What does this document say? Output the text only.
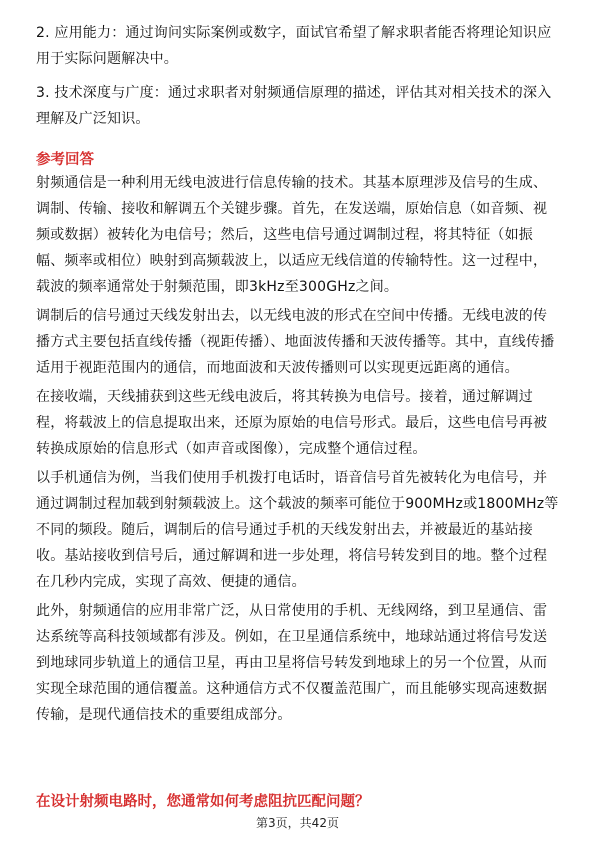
2. 应用能力：通过询问实际案例或数字，面试官希望了解求职者能否将理论知识应用于实际问题解决中。

3. 技术深度与广度：通过求职者对射频通信原理的描述，评估其对相关技术的深入理解及广泛知识。

参考回答

射频通信是一种利用无线电波进行信息传输的技术。其基本原理涉及信号的生成、调制、传输、接收和解调五个关键步骤。首先，在发送端，原始信息（如音频、视频或数据）被转化为电信号；然后，这些电信号通过调制过程，将其特征（如振幅、频率或相位）映射到高频载波上，以适应无线信道的传输特性。这一过程中，载波的频率通常处于射频范围，即3kHz至300GHz之间。

调制后的信号通过天线发射出去，以无线电波的形式在空间中传播。无线电波的传播方式主要包括直线传播（视距传播）、地面波传播和天波传播等。其中，直线传播适用于视距范围内的通信，而地面波和天波传播则可以实现更远距离的通信。

在接收端，天线捕获到这些无线电波后，将其转换为电信号。接着，通过解调过程，将载波上的信息提取出来，还原为原始的电信号形式。最后，这些电信号再被转换成原始的信息形式（如声音或图像），完成整个通信过程。

以手机通信为例，当我们使用手机拨打电话时，语音信号首先被转化为电信号，并通过调制过程加载到射频载波上。这个载波的频率可能位于900MHz或1800MHz等不同的频段。随后，调制后的信号通过手机的天线发射出去，并被最近的基站接收。基站接收到信号后，通过解调和进一步处理，将信号转发到目的地。整个过程在几秒内完成，实现了高效、便捷的通信。

此外，射频通信的应用非常广泛，从日常使用的手机、无线网络，到卫星通信、雷达系统等高科技领域都有涉及。例如，在卫星通信系统中，地球站通过将信号发送到地球同步轨道上的通信卫星，再由卫星将信号转发到地球上的另一个位置，从而实现全球范围的通信覆盖。这种通信方式不仅覆盖范围广，而且能够实现高速数据传输，是现代通信技术的重要组成部分。

在设计射频电路时，您通常如何考虑阻抗匹配问题？
第3页，共42页
